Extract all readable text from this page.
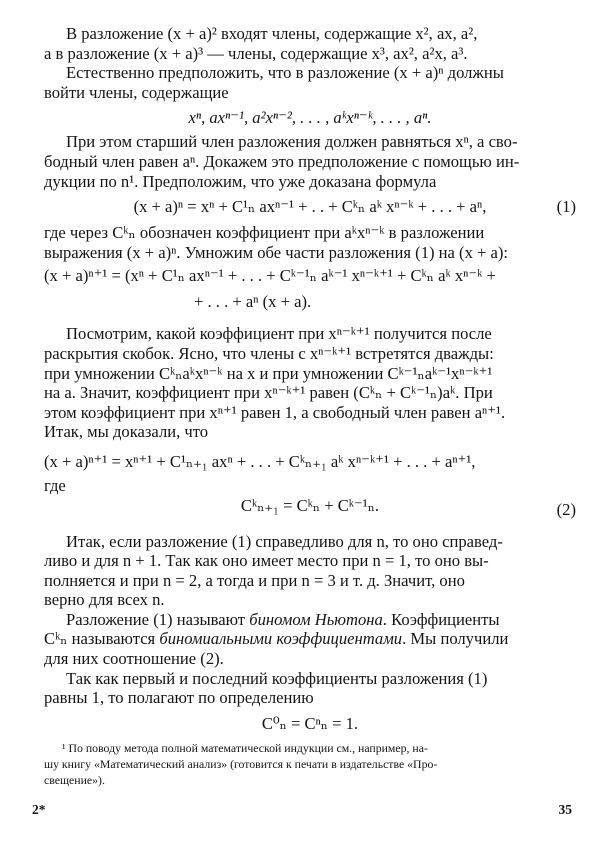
В разложение (x + a)² входят члены, содержащие x², ax, a²,

а в разложение (x + a)³ — члены, содержащие x³, ax², a²x, a³.

Естественно предположить, что в разложение (x + a)ⁿ должны

войти члены, содержащие

xⁿ, axⁿ⁻¹, a²xⁿ⁻², . . . , aᵏxⁿ⁻ᵏ, . . . , aⁿ.

При этом старший член разложения должен равняться xⁿ, а сво-

бодный член равен aⁿ. Докажем это предположение с помощью ин-

дукции по n¹. Предположим, что уже доказана формула

(x + a)ⁿ = xⁿ + C¹ₙ axⁿ⁻¹ + . . + Cᵏₙ aᵏ xⁿ⁻ᵏ + . . . + aⁿ,	(1)

где через Cᵏₙ обозначен коэффициент при aᵏxⁿ⁻ᵏ в разложении

выражения (x + a)ⁿ. Умножим обе части разложения (1) на (x + a):

(x + a)ⁿ⁺¹ = (xⁿ + C¹ₙ axⁿ⁻¹ + . . . + Cᵏ⁻¹ₙ aᵏ⁻¹ xⁿ⁻ᵏ⁺¹ + Cᵏₙ aᵏ xⁿ⁻ᵏ +
+ . . . + aⁿ (x + a).

Посмотрим, какой коэффициент при xⁿ⁻ᵏ⁺¹ получится после

раскрытия скобок. Ясно, что члены с xⁿ⁻ᵏ⁺¹ встретятся дважды:

при умножении Cᵏₙaᵏxⁿ⁻ᵏ на x и при умножении Cᵏ⁻¹ₙaᵏ⁻¹xⁿ⁻ᵏ⁺¹

на a. Значит, коэффициент при xⁿ⁻ᵏ⁺¹ равен (Cᵏₙ + Cᵏ⁻¹ₙ)aᵏ. При

этом коэффициент при xⁿ⁺¹ равен 1, а свободный член равен aⁿ⁺¹.

Итак, мы доказали, что

(x + a)ⁿ⁺¹ = xⁿ⁺¹ + C¹ₙ₊₁ axⁿ + . . . + Cᵏₙ₊₁ aᵏ xⁿ⁻ᵏ⁺¹ + . . . + aⁿ⁺¹,

где

Cᵏₙ₊₁ = Cᵏₙ + Cᵏ⁻¹ₙ.	(2)

Итак, если разложение (1) справедливо для n, то оно справед-

ливо и для n + 1. Так как оно имеет место при n = 1, то оно вы-

полняется и при n = 2, а тогда и при n = 3 и т. д. Значит, оно

верно для всех n.

Разложение (1) называют биномом Ньютона. Коэффициенты

Cᵏₙ называются биномиальными коэффициентами. Мы получили

для них соотношение (2).

Так как первый и последний коэффициенты разложения (1)

равны 1, то полагают по определению

C⁰ₙ = Cⁿₙ = 1.
¹ По поводу метода полной математической индукции см., например, на-
шу книгу «Математический анализ» (готовится к печати в издательстве «Про-
свещение»).
2*	35
